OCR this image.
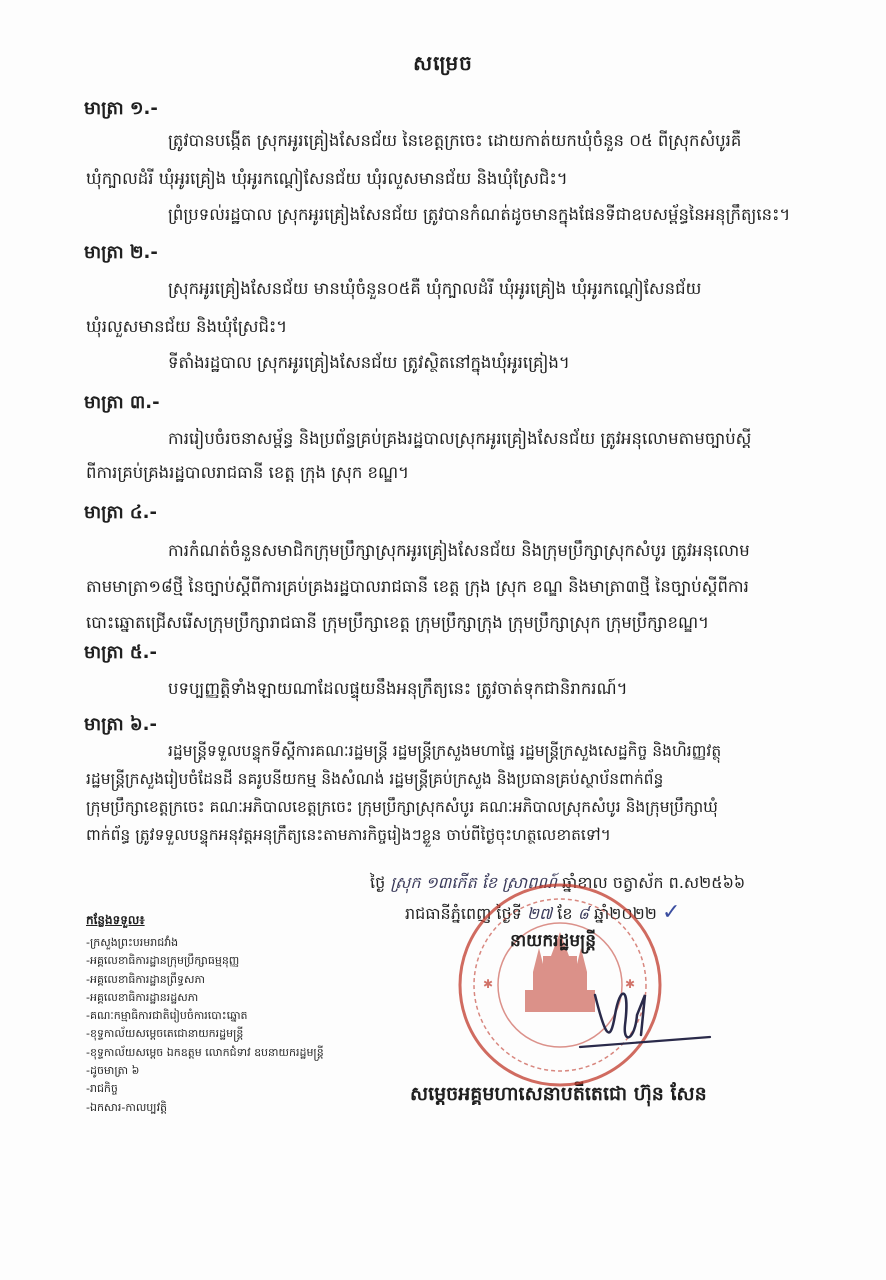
សម្រេច
មាត្រា ១.-
ត្រូវបានបង្កើត ស្រុកអូរគ្រៀងសែនជ័យ នៃខេត្តក្រចេះ ដោយកាត់យកឃុំចំនួន ០៥ ពីស្រុកសំបូរគឺ
ឃុំក្បាលដំរី ឃុំអូរគ្រៀង ឃុំអូរកណ្តៀសែនជ័យ ឃុំរលួសមានជ័យ និងឃុំស្រែជិះ។
ព្រំប្រទល់រដ្ឋបាល ស្រុកអូរគ្រៀងសែនជ័យ ត្រូវបានកំណត់ដូចមានក្នុងផែនទីជាឧបសម្ព័ន្ធនៃអនុក្រឹត្យនេះ។
មាត្រា ២.-
ស្រុកអូរគ្រៀងសែនជ័យ មានឃុំចំនួន០៥គឺ ឃុំក្បាលដំរី ឃុំអូរគ្រៀង ឃុំអូរកណ្តៀសែនជ័យ
ឃុំរលួសមានជ័យ និងឃុំស្រែជិះ។
ទីតាំងរដ្ឋបាល ស្រុកអូរគ្រៀងសែនជ័យ ត្រូវស្ថិតនៅក្នុងឃុំអូរគ្រៀង។
មាត្រា ៣.-
ការរៀបចំរចនាសម្ព័ន្ធ និងប្រព័ន្ធគ្រប់គ្រងរដ្ឋបាលស្រុកអូរគ្រៀងសែនជ័យ ត្រូវអនុលោមតាមច្បាប់ស្តី
ពីការគ្រប់គ្រងរដ្ឋបាលរាជធានី ខេត្ត ក្រុង ស្រុក ខណ្ឌ។
មាត្រា ៤.-
ការកំណត់ចំនួនសមាជិកក្រុមប្រឹក្សាស្រុកអូរគ្រៀងសែនជ័យ និងក្រុមប្រឹក្សាស្រុកសំបូរ ត្រូវអនុលោម
តាមមាត្រា១៨ថ្មី នៃច្បាប់ស្តីពីការគ្រប់គ្រងរដ្ឋបាលរាជធានី ខេត្ត ក្រុង ស្រុក ខណ្ឌ និងមាត្រា៣ថ្មី នៃច្បាប់ស្តីពីការ
បោះឆ្នោតជ្រើសរើសក្រុមប្រឹក្សារាជធានី ក្រុមប្រឹក្សាខេត្ត ក្រុមប្រឹក្សាក្រុង ក្រុមប្រឹក្សាស្រុក ក្រុមប្រឹក្សាខណ្ឌ។
មាត្រា ៥.-
បទប្បញ្ញត្តិទាំងឡាយណាដែលផ្ទុយនឹងអនុក្រឹត្យនេះ ត្រូវចាត់ទុកជានិរាករណ៍។
មាត្រា ៦.-
រដ្ឋមន្ត្រីទទួលបន្ទុកទីស្តីការគណៈរដ្ឋមន្ត្រី រដ្ឋមន្ត្រីក្រសួងមហាផ្ទៃ រដ្ឋមន្ត្រីក្រសួងសេដ្ឋកិច្ច និងហិរញ្ញវត្ថុ
រដ្ឋមន្ត្រីក្រសួងរៀបចំដែនដី នគរូបនីយកម្ម និងសំណង់ រដ្ឋមន្ត្រីគ្រប់ក្រសួង និងប្រធានគ្រប់ស្ថាប័នពាក់ព័ន្ធ
ក្រុមប្រឹក្សាខេត្តក្រចេះ គណៈអភិបាលខេត្តក្រចេះ ក្រុមប្រឹក្សាស្រុកសំបូរ គណៈអភិបាលស្រុកសំបូរ និងក្រុមប្រឹក្សាឃុំ
ពាក់ព័ន្ធ ត្រូវទទួលបន្ទុកអនុវត្តអនុក្រឹត្យនេះតាមភារកិច្ចរៀងៗខ្លួន ចាប់ពីថ្ងៃចុះហត្ថលេខាតទៅ។
ថ្ងៃ ស្រុក ១៣កើត ខែ ស្រាពណ៍ ឆ្នាំខាល ចត្វាស័ក ព.ស២៥៦៦
រាជធានីភ្នំពេញ ថ្ងៃទី ២៧ ខែ ៨ ឆ្នាំ២០២២ ✓
កន្លែងទទួល៖
-ក្រសួងព្រះបរមរាជវាំង
-អគ្គលេខាធិការដ្ឋានក្រុមប្រឹក្សាធម្មនុញ្ញ
-អគ្គលេខាធិការដ្ឋានព្រឹទ្ធសភា
-អគ្គលេខាធិការដ្ឋានរដ្ឋសភា
-គណៈកម្មាធិការជាតិរៀបចំការបោះឆ្នោត
-ខុទ្ទកាល័យសម្តេចតេជោនាយករដ្ឋមន្ត្រី
-ខុទ្ទកាល័យសម្តេច ឯកឧត្តម លោកជំទាវ ឧបនាយករដ្ឋមន្ត្រី
-ដូចមាត្រា ៦
-រាជកិច្ច
-ឯកសារ-កាលប្បវត្តិ
✱	✱
នាយករដ្ឋមន្ត្រី
សម្តេចអគ្គមហាសេនាបតីតេជោ ហ៊ុន សែន
